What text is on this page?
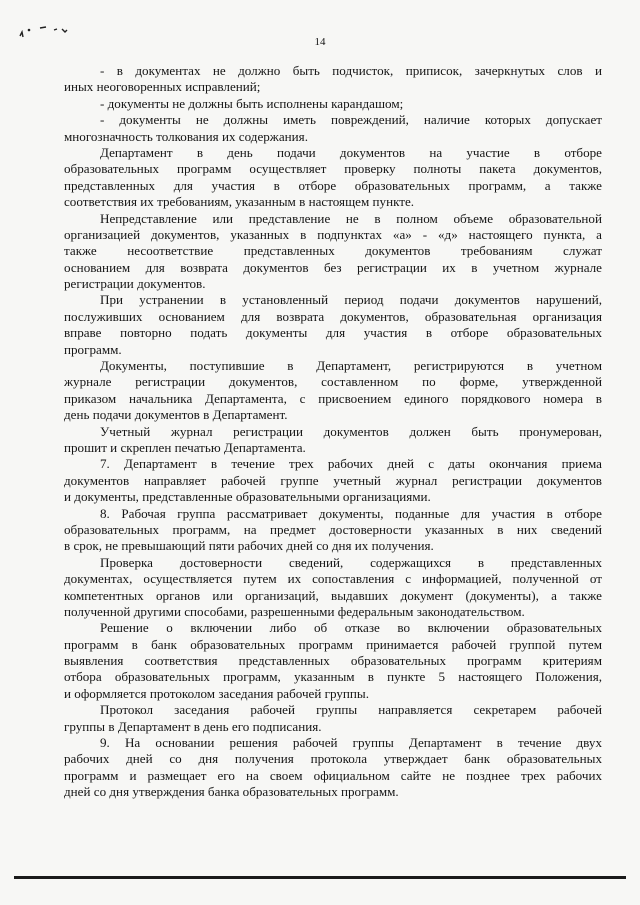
14
- в документах не должно быть подчисток, приписок, зачеркнутых слов и
иных неоговоренных исправлений;
- документы не должны быть исполнены карандашом;
- документы не должны иметь повреждений, наличие которых допускает
многозначность толкования их содержания.
Департамент в день подачи документов на участие в отборе
образовательных программ осуществляет проверку полноты пакета документов,
представленных для участия в отборе образовательных программ, а также
соответствия их требованиям, указанным в настоящем пункте.
Непредставление или представление не в полном объеме образовательной
организацией документов, указанных в подпунктах «а» - «д» настоящего пункта, а
также несоответствие представленных документов требованиям служат
основанием для возврата документов без регистрации их в учетном журнале
регистрации документов.
При устранении в установленный период подачи документов нарушений,
послуживших основанием для возврата документов, образовательная организация
вправе повторно подать документы для участия в отборе образовательных
программ.
Документы, поступившие в Департамент, регистрируются в учетном
журнале регистрации документов, составленном по форме, утвержденной
приказом начальника Департамента, с присвоением единого порядкового номера в
день подачи документов в Департамент.
Учетный журнал регистрации документов должен быть пронумерован,
прошит и скреплен печатью Департамента.
7. Департамент в течение трех рабочих дней с даты окончания приема
документов направляет рабочей группе учетный журнал регистрации документов
и документы, представленные образовательными организациями.
8. Рабочая группа рассматривает документы, поданные для участия в отборе
образовательных программ, на предмет достоверности указанных в них сведений
в срок, не превышающий пяти рабочих дней со дня их получения.
Проверка достоверности сведений, содержащихся в представленных
документах, осуществляется путем их сопоставления с информацией, полученной от
компетентных органов или организаций, выдавших документ (документы), а также
полученной другими способами, разрешенными федеральным законодательством.
Решение о включении либо об отказе во включении образовательных
программ в банк образовательных программ принимается рабочей группой путем
выявления соответствия представленных образовательных программ критериям
отбора образовательных программ, указанным в пункте 5 настоящего Положения,
и оформляется протоколом заседания рабочей группы.
Протокол заседания рабочей группы направляется секретарем рабочей
группы в Департамент в день его подписания.
9. На основании решения рабочей группы Департамент в течение двух
рабочих дней со дня получения протокола утверждает банк образовательных
программ и размещает его на своем официальном сайте не позднее трех рабочих
дней со дня утверждения банка образовательных программ.
